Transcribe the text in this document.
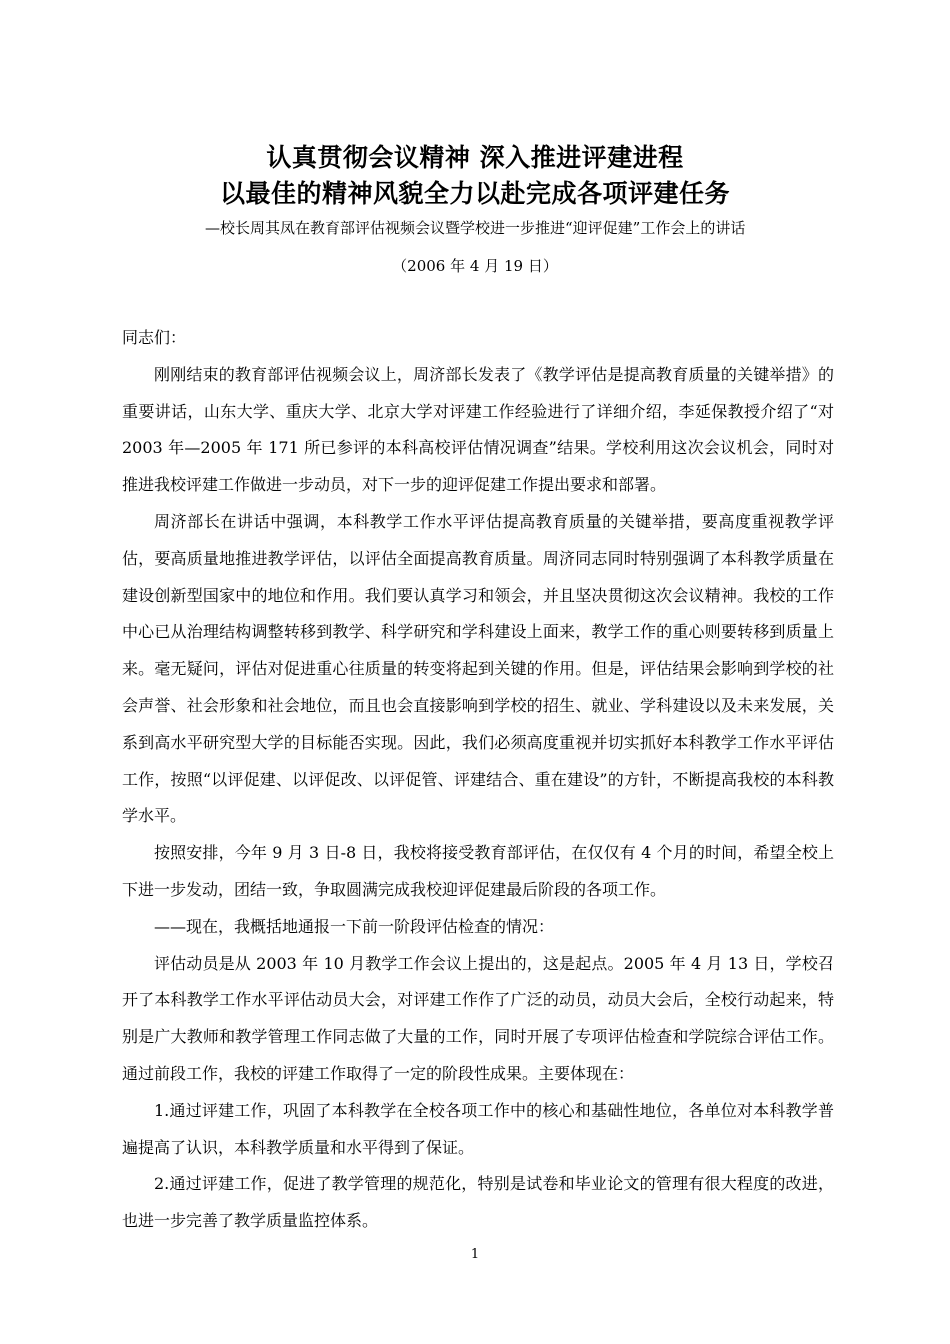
认真贯彻会议精神 深入推进评建进程
以最佳的精神风貌全力以赴完成各项评建任务
—校长周其凤在教育部评估视频会议暨学校进一步推进“迎评促建”工作会上的讲话
（2006 年 4 月 19 日）

同志们：

刚刚结束的教育部评估视频会议上，周济部长发表了《教学评估是提高教育质量的关键举措》的重要讲话，山东大学、重庆大学、北京大学对评建工作经验进行了详细介绍，李延保教授介绍了“对 2003 年—2005 年 171 所已参评的本科高校评估情况调查”结果。学校利用这次会议机会，同时对推进我校评建工作做进一步动员，对下一步的迎评促建工作提出要求和部署。

周济部长在讲话中强调，本科教学工作水平评估提高教育质量的关键举措，要高度重视教学评估，要高质量地推进教学评估，以评估全面提高教育质量。周济同志同时特别强调了本科教学质量在建设创新型国家中的地位和作用。我们要认真学习和领会，并且坚决贯彻这次会议精神。我校的工作中心已从治理结构调整转移到教学、科学研究和学科建设上面来，教学工作的重心则要转移到质量上来。毫无疑问，评估对促进重心往质量的转变将起到关键的作用。但是，评估结果会影响到学校的社会声誉、社会形象和社会地位，而且也会直接影响到学校的招生、就业、学科建设以及未来发展，关系到高水平研究型大学的目标能否实现。因此，我们必须高度重视并切实抓好本科教学工作水平评估工作，按照“以评促建、以评促改、以评促管、评建结合、重在建设”的方针，不断提高我校的本科教学水平。

按照安排，今年 9 月 3 日-8 日，我校将接受教育部评估，在仅仅有 4 个月的时间，希望全校上下进一步发动，团结一致，争取圆满完成我校迎评促建最后阶段的各项工作。

——现在，我概括地通报一下前一阶段评估检查的情况：

评估动员是从 2003 年 10 月教学工作会议上提出的，这是起点。2005 年 4 月 13 日，学校召开了本科教学工作水平评估动员大会，对评建工作作了广泛的动员，动员大会后，全校行动起来，特别是广大教师和教学管理工作同志做了大量的工作，同时开展了专项评估检查和学院综合评估工作。通过前段工作，我校的评建工作取得了一定的阶段性成果。主要体现在：

1.通过评建工作，巩固了本科教学在全校各项工作中的核心和基础性地位，各单位对本科教学普遍提高了认识，本科教学质量和水平得到了保证。

2.通过评建工作，促进了教学管理的规范化，特别是试卷和毕业论文的管理有很大程度的改进，也进一步完善了教学质量监控体系。

1
